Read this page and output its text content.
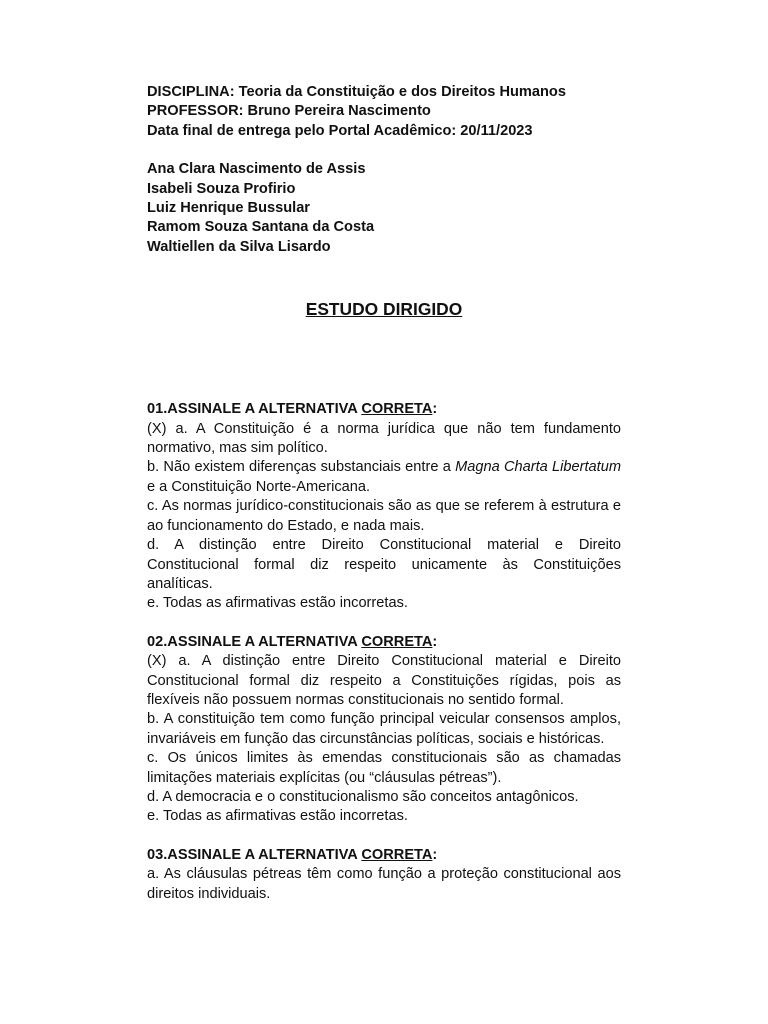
DISCIPLINA: Teoria da Constituição e dos Direitos Humanos
PROFESSOR: Bruno Pereira Nascimento
Data final de entrega pelo Portal Acadêmico: 20/11/2023
Ana Clara Nascimento de Assis
Isabeli Souza Profirio
Luiz Henrique Bussular
Ramom Souza Santana da Costa
Waltiellen da Silva Lisardo
ESTUDO DIRIGIDO
01.ASSINALE A ALTERNATIVA CORRETA:
(X) a. A Constituição é a norma jurídica que não tem fundamento normativo, mas sim político.
b. Não existem diferenças substanciais entre a Magna Charta Libertatum e a Constituição Norte-Americana.
c. As normas jurídico-constitucionais são as que se referem à estrutura e ao funcionamento do Estado, e nada mais.
d. A distinção entre Direito Constitucional material e Direito Constitucional formal diz respeito unicamente às Constituições analíticas.
e. Todas as afirmativas estão incorretas.
02.ASSINALE A ALTERNATIVA CORRETA:
(X) a. A distinção entre Direito Constitucional material e Direito Constitucional formal diz respeito a Constituições rígidas, pois as flexíveis não possuem normas constitucionais no sentido formal.
b. A constituição tem como função principal veicular consensos amplos, invariáveis em função das circunstâncias políticas, sociais e históricas.
c. Os únicos limites às emendas constitucionais são as chamadas limitações materiais explícitas (ou “cláusulas pétreas”).
d. A democracia e o constitucionalismo são conceitos antagônicos.
e. Todas as afirmativas estão incorretas.
03.ASSINALE A ALTERNATIVA CORRETA:
a. As cláusulas pétreas têm como função a proteção constitucional aos direitos individuais.
